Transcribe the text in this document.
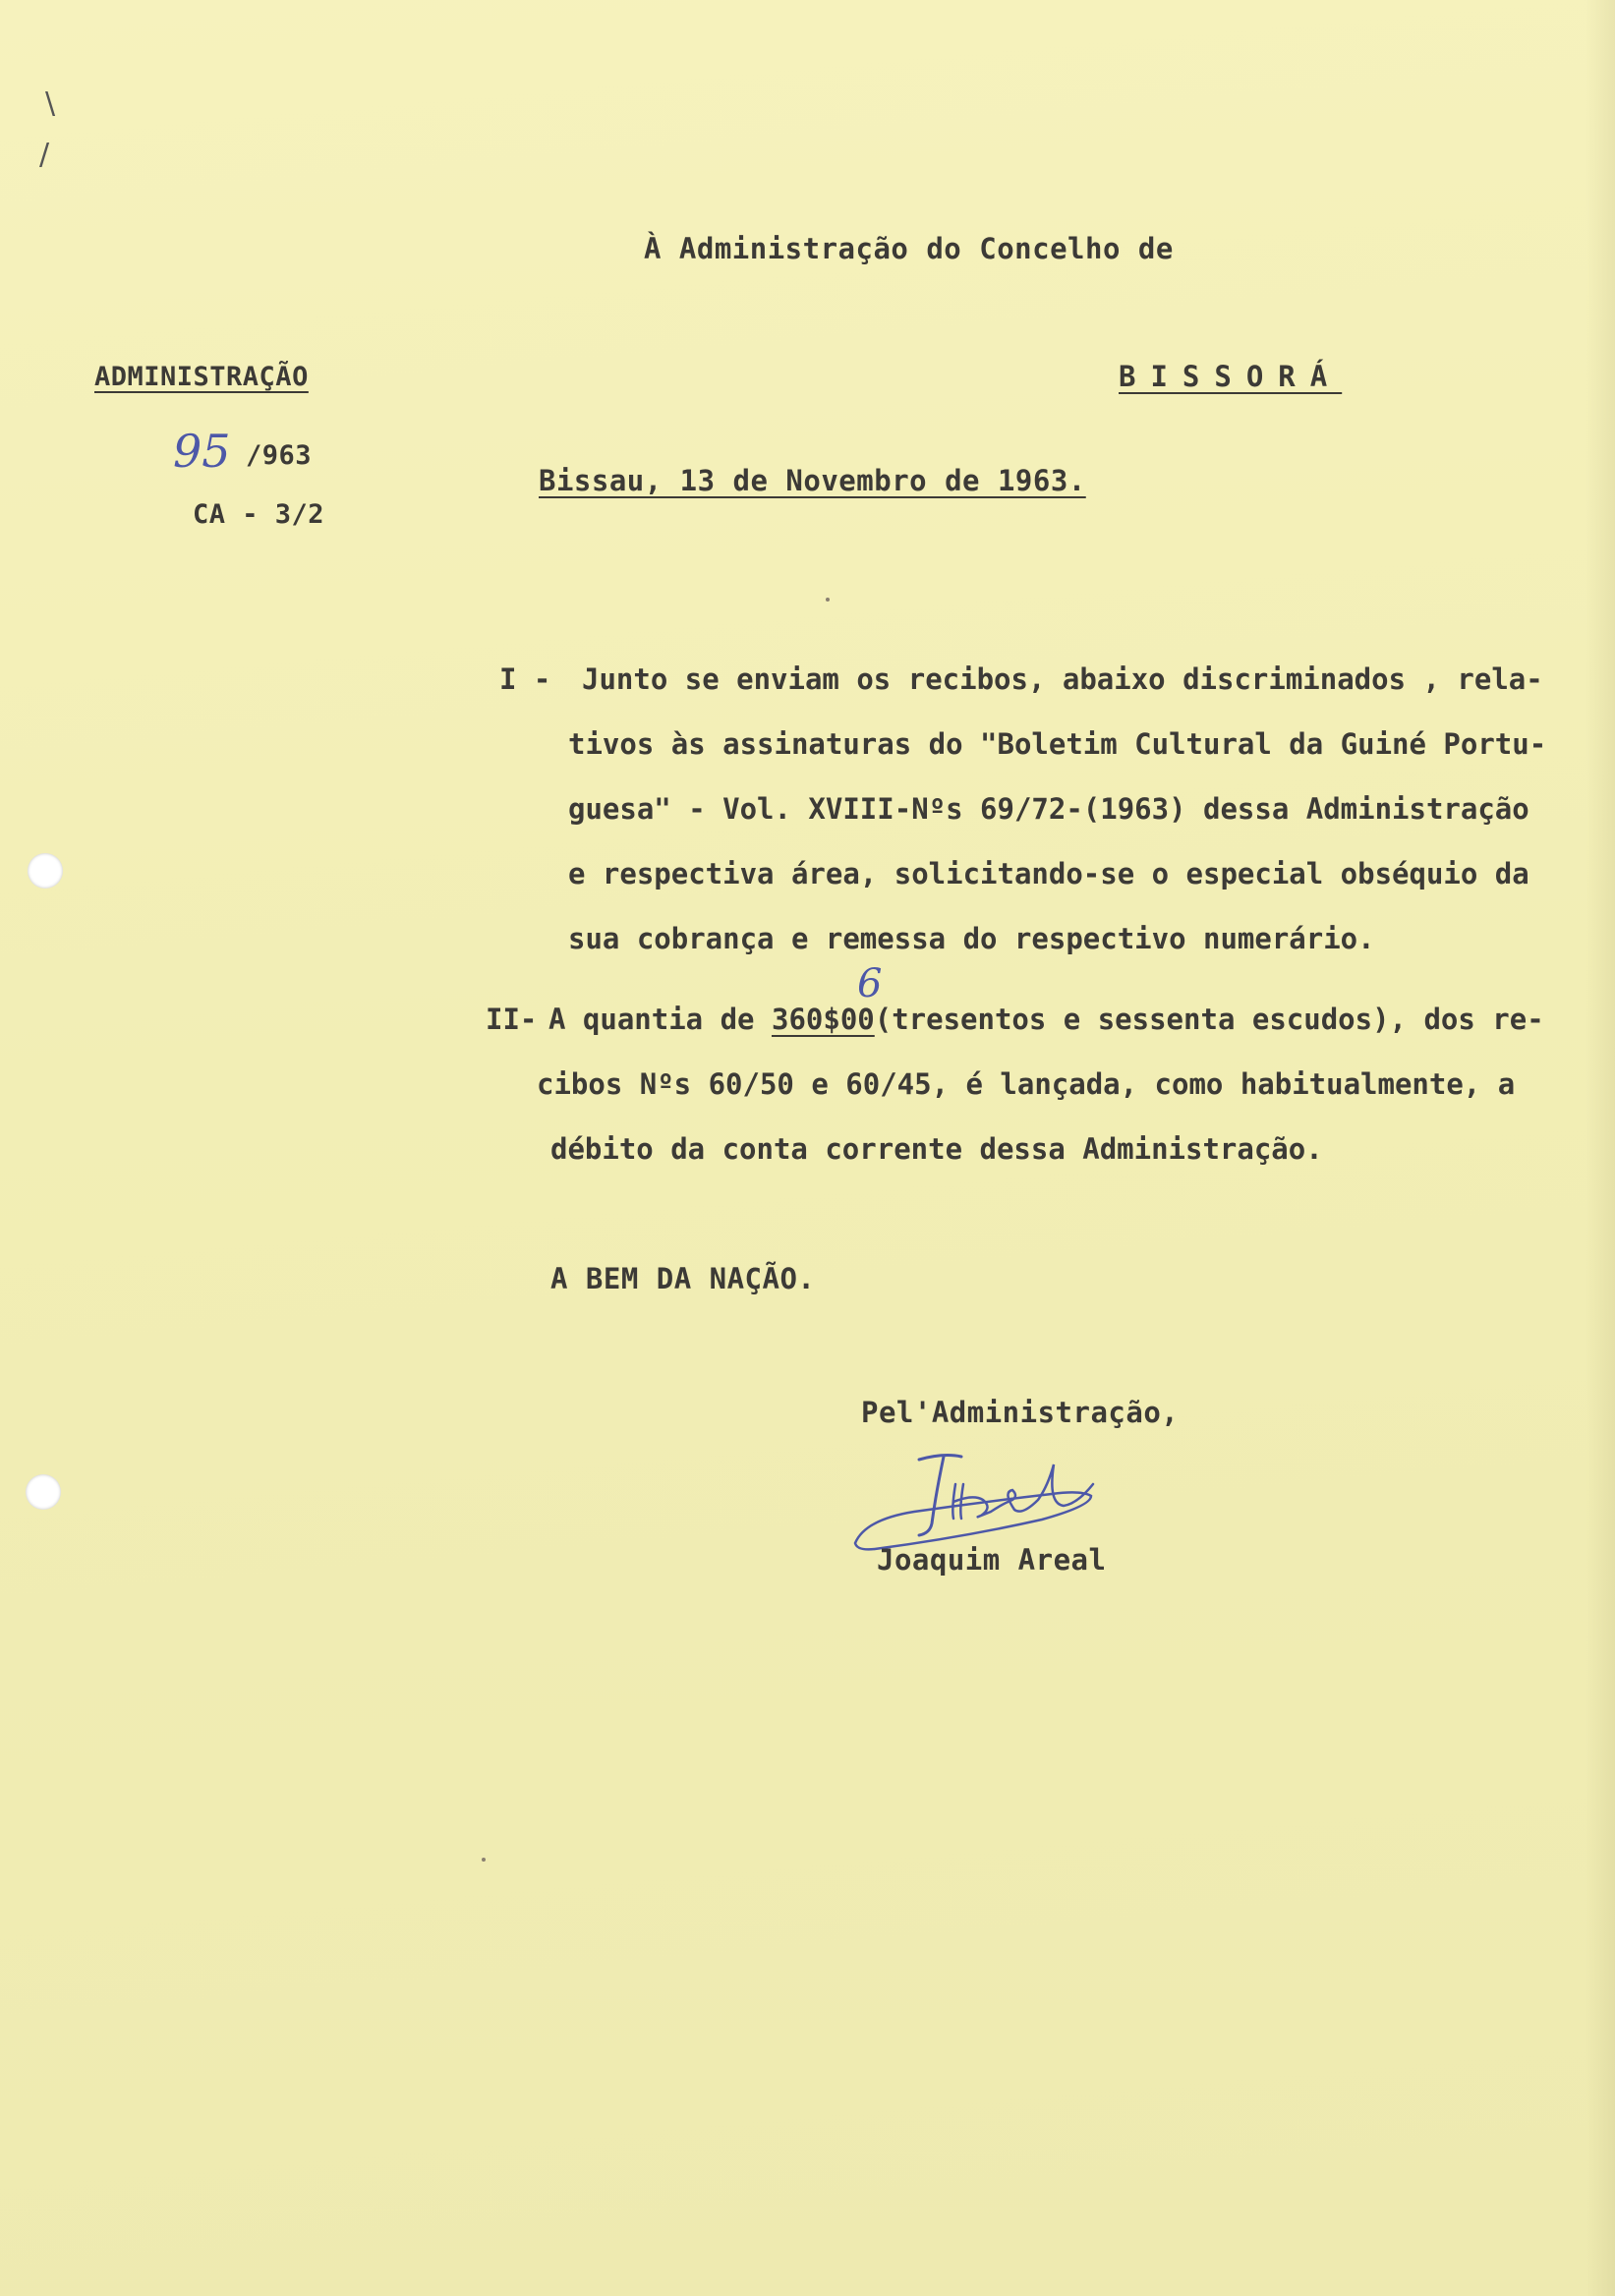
\
/
À Administração do Concelho de
BISSORÁ
ADMINISTRAÇÃO
95 /963
CA - 3/2
Bissau, 13 de Novembro de 1963.
I - Junto se enviam os recibos, abaixo discriminados , rela-
tivos às assinaturas do "Boletim Cultural da Guiné Portu-
guesa" - Vol. XVIII-Nºs 69/72-(1963) dessa Administração
e respectiva área, solicitando-se o especial obséquio da
sua cobrança e remessa do respectivo numerário.
II- A quantia de 360$00(tresentos e sessenta escudos), dos re-
6
cibos Nºs 60/50 e 60/45, é lançada, como habitualmente, a
débito da conta corrente dessa Administração.
A BEM DA NAÇÃO.
Pel'Administração,
Joaquim Areal
